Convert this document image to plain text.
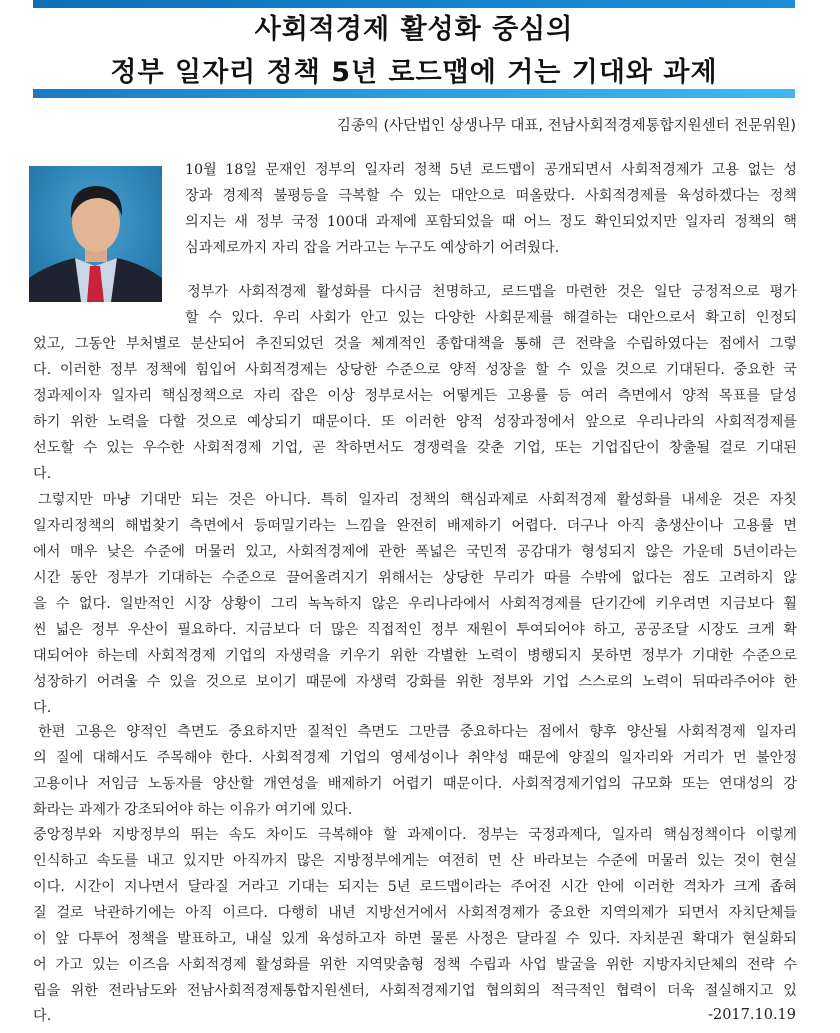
사회적경제 활성화 중심의
정부 일자리 정책 5년 로드맵에 거는 기대와 과제
김종익 (사단법인 상생나무 대표, 전남사회적경제통합지원센터 전문위원)
10월 18일 문재인 정부의 일자리 정책 5년 로드맵이 공개되면서 사회적경제가 고용 없는 성
장과 경제적 불평등을 극복할 수 있는 대안으로 떠올랐다. 사회적경제를 육성하겠다는 정책
의지는 새 정부 국정 100대 과제에 포함되었을 때 어느 정도 확인되었지만 일자리 정책의 핵
심과제로까지 자리 잡을 거라고는 누구도 예상하기 어려웠다.
정부가 사회적경제 활성화를 다시금 천명하고, 로드맵을 마련한 것은 일단 긍정적으로 평가
할 수 있다. 우리 사회가 안고 있는 다양한 사회문제를 해결하는 대안으로서 확고히 인정되
었고, 그동안 부처별로 분산되어 추진되었던 것을 체계적인 종합대책을 통해 큰 전략을 수립하였다는 점에서 그렇
다. 이러한 정부 정책에 힘입어 사회적경제는 상당한 수준으로 양적 성장을 할 수 있을 것으로 기대된다. 중요한 국
정과제이자 일자리 핵심정책으로 자리 잡은 이상 정부로서는 어떻게든 고용률 등 여러 측면에서 양적 목표를 달성
하기 위한 노력을 다할 것으로 예상되기 때문이다. 또 이러한 양적 성장과정에서 앞으로 우리나라의 사회적경제를
선도할 수 있는 우수한 사회적경제 기업, 곧 착하면서도 경쟁력을 갖춘 기업, 또는 기업집단이 창출될 걸로 기대된
다.
그렇지만 마냥 기대만 되는 것은 아니다. 특히 일자리 정책의 핵심과제로 사회적경제 활성화를 내세운 것은 자칫
일자리정책의 해법찾기 측면에서 등떠밀기라는 느낌을 완전히 배제하기 어렵다. 더구나 아직 총생산이나 고용률 면
에서 매우 낮은 수준에 머물러 있고, 사회적경제에 관한 폭넓은 국민적 공감대가 형성되지 않은 가운데 5년이라는
시간 동안 정부가 기대하는 수준으로 끌어올려지기 위해서는 상당한 무리가 따를 수밖에 없다는 점도 고려하지 않
을 수 없다. 일반적인 시장 상황이 그리 녹녹하지 않은 우리나라에서 사회적경제를 단기간에 키우려면 지금보다 훨
씬 넓은 정부 우산이 필요하다. 지금보다 더 많은 직접적인 정부 재원이 투여되어야 하고, 공공조달 시장도 크게 확
대되어야 하는데 사회적경제 기업의 자생력을 키우기 위한 각별한 노력이 병행되지 못하면 정부가 기대한 수준으로
성장하기 어려울 수 있을 것으로 보이기 때문에 자생력 강화를 위한 정부와 기업 스스로의 노력이 뒤따라주어야 한
다.
한편 고용은 양적인 측면도 중요하지만 질적인 측면도 그만큼 중요하다는 점에서 향후 양산될 사회적경제 일자리
의 질에 대해서도 주목해야 한다. 사회적경제 기업의 영세성이나 취약성 때문에 양질의 일자리와 거리가 먼 불안정
고용이나 저임금 노동자를 양산할 개연성을 배제하기 어렵기 때문이다. 사회적경제기업의 규모화 또는 연대성의 강
화라는 과제가 강조되어야 하는 이유가 여기에 있다.
중앙정부와 지방정부의 뛰는 속도 차이도 극복해야 할 과제이다. 정부는 국정과제다, 일자리 핵심정책이다 이렇게
인식하고 속도를 내고 있지만 아직까지 많은 지방정부에게는 여전히 먼 산 바라보는 수준에 머물러 있는 것이 현실
이다. 시간이 지나면서 달라질 거라고 기대는 되지는 5년 로드맵이라는 주어진 시간 안에 이러한 격차가 크게 좁혀
질 걸로 낙관하기에는 아직 이르다. 다행히 내년 지방선거에서 사회적경제가 중요한 지역의제가 되면서 자치단체들
이 앞 다투어 정책을 발표하고, 내실 있게 육성하고자 하면 물론 사정은 달라질 수 있다. 자치분권 확대가 현실화되
어 가고 있는 이즈음 사회적경제 활성화를 위한 지역맞춤형 정책 수립과 사업 발굴을 위한 지방자치단체의 전략 수
립을 위한 전라남도와 전남사회적경제통합지원센터, 사회적경제기업 협의회의 적극적인 협력이 더욱 절실해지고 있
다.	-2017.10.19
